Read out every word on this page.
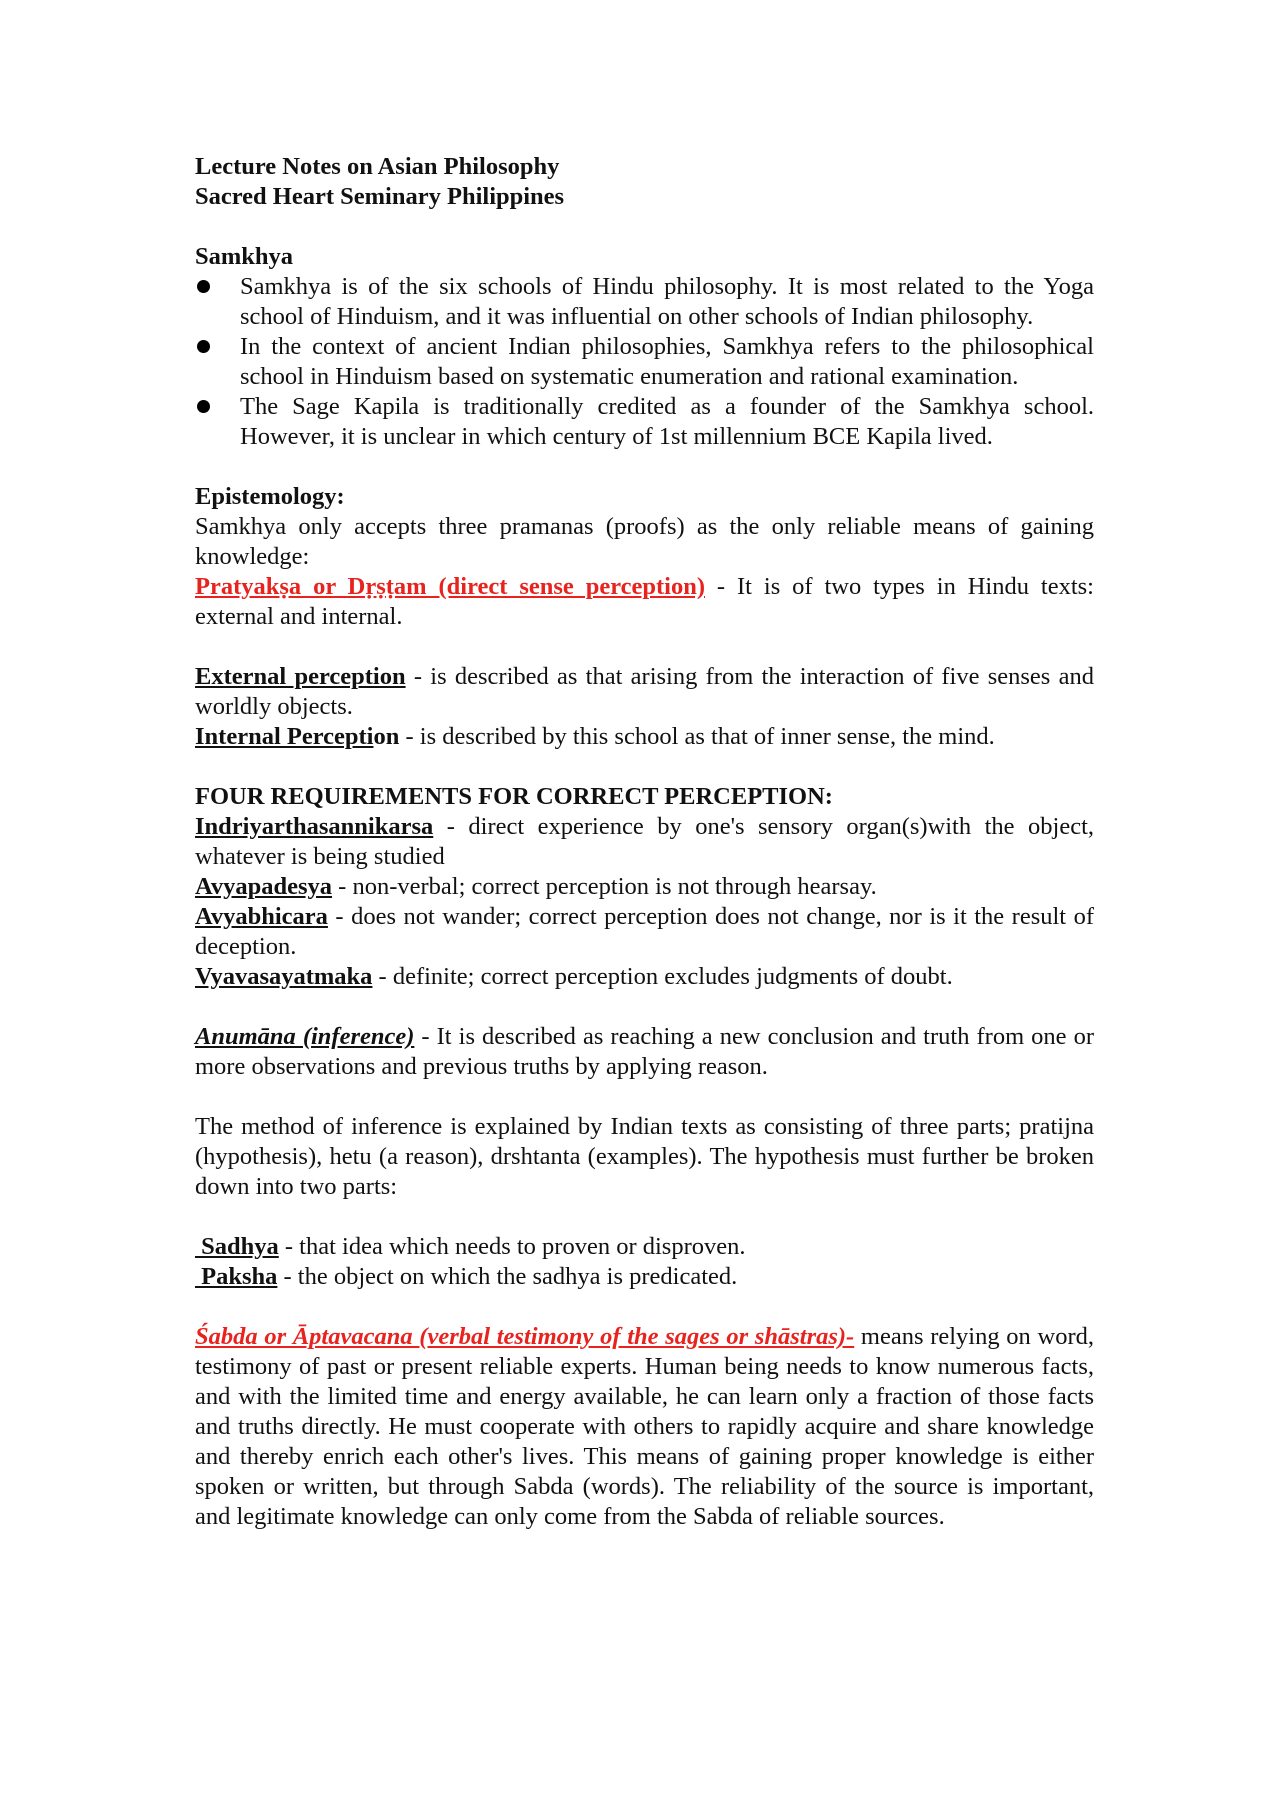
Lecture Notes on Asian Philosophy
Sacred Heart Seminary Philippines
Samkhya
Samkhya is of the six schools of Hindu philosophy. It is most related to the Yoga school of Hinduism, and it was influential on other schools of Indian philosophy.
In the context of ancient Indian philosophies, Samkhya refers to the philosophical school in Hinduism based on systematic enumeration and rational examination.
The Sage Kapila is traditionally credited as a founder of the Samkhya school. However, it is unclear in which century of 1st millennium BCE Kapila lived.
Epistemology:
Samkhya only accepts three pramanas (proofs) as the only reliable means of gaining knowledge:
Pratyakṣa or Dṛṣṭam (direct sense perception) - It is of two types in Hindu texts: external and internal.
External perception - is described as that arising from the interaction of five senses and worldly objects.
Internal Perception - is described by this school as that of inner sense, the mind.
FOUR REQUIREMENTS FOR CORRECT PERCEPTION:
Indriyarthasannikarsa - direct experience by one's sensory organ(s)with the object, whatever is being studied
Avyapadesya - non-verbal; correct perception is not through hearsay.
Avyabhicara - does not wander; correct perception does not change, nor is it the result of deception.
Vyavasayatmaka - definite; correct perception excludes judgments of doubt.
Anumāna (inference) - It is described as reaching a new conclusion and truth from one or more observations and previous truths by applying reason.
The method of inference is explained by Indian texts as consisting of three parts; pratijna (hypothesis), hetu (a reason), drshtanta (examples). The hypothesis must further be broken down into two parts:
Sadhya - that idea which needs to proven or disproven.
Paksha - the object on which the sadhya is predicated.
Śabda or Āptavacana (verbal testimony of the sages or shāstras)- means relying on word, testimony of past or present reliable experts. Human being needs to know numerous facts, and with the limited time and energy available, he can learn only a fraction of those facts and truths directly. He must cooperate with others to rapidly acquire and share knowledge and thereby enrich each other's lives. This means of gaining proper knowledge is either spoken or written, but through Sabda (words). The reliability of the source is important, and legitimate knowledge can only come from the Sabda of reliable sources.
